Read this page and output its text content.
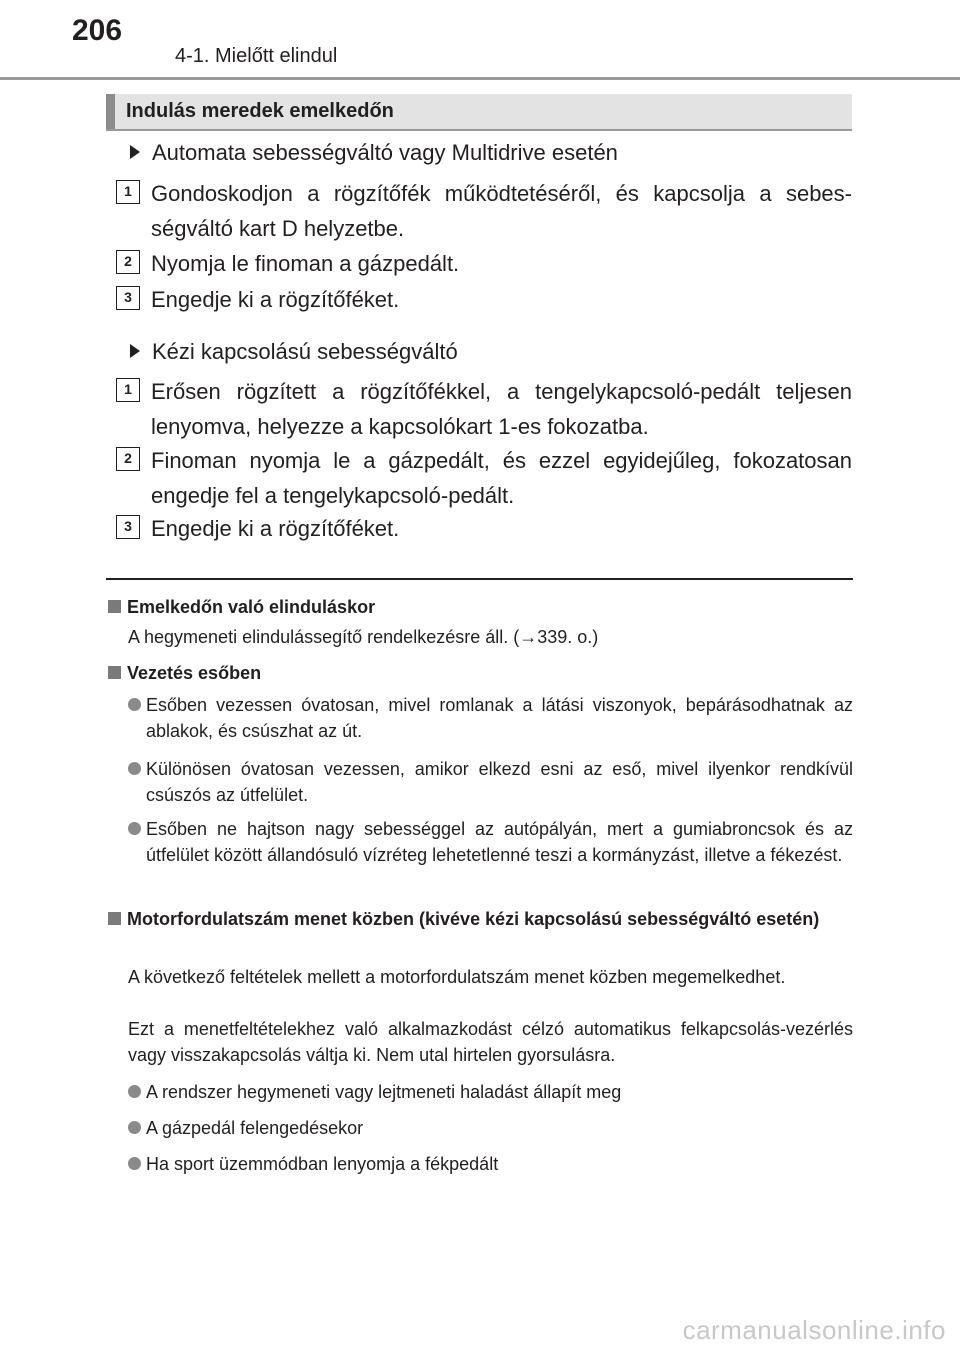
206
4-1. Mielőtt elindul
Indulás meredek emelkedőn
Automata sebességváltó vagy Multidrive esetén
1 Gondoskodjon a rögzítőfék működtetéséről, és kapcsolja a sebességváltó kart D helyzetbe.
2 Nyomja le finoman a gázpedált.
3 Engedje ki a rögzítőféket.
Kézi kapcsolású sebességváltó
1 Erősen rögzített a rögzítőfékkel, a tengelykapcsoló-pedált teljesen lenyomva, helyezze a kapcsolókart 1-es fokozatba.
2 Finoman nyomja le a gázpedált, és ezzel egyidejűleg, fokozatosan engedje fel a tengelykapcsoló-pedált.
3 Engedje ki a rögzítőféket.
Emelkedőn való elinduláskor
A hegymeneti elindulássegítő rendelkezésre áll. (→339. o.)
Vezetés esőben
Esőben vezessen óvatosan, mivel romlanak a látási viszonyok, bepárásodhatnak az ablakok, és csúszhat az út.
Különösen óvatosan vezessen, amikor elkezd esni az eső, mivel ilyenkor rendkívül csúszós az útfelület.
Esőben ne hajtson nagy sebességgel az autópályán, mert a gumiabroncsok és az útfelület között állandósuló vízréteg lehetetlenné teszi a kormányzást, illetve a fékezést.
Motorfordulatszám menet közben (kivéve kézi kapcsolású sebességváltó esetén)
A következő feltételek mellett a motorfordulatszám menet közben megemelkedhet.
Ezt a menetfeltételekhez való alkalmazkodást célzó automatikus felkapcsolás-vezérlés vagy visszakapcsolás váltja ki. Nem utal hirtelen gyorsulásra.
A rendszer hegymeneti vagy lejtmeneti haladást állapít meg
A gázpedál felengedésekor
Ha sport üzemmódban lenyomja a fékpedált
carmanualsonline.info
